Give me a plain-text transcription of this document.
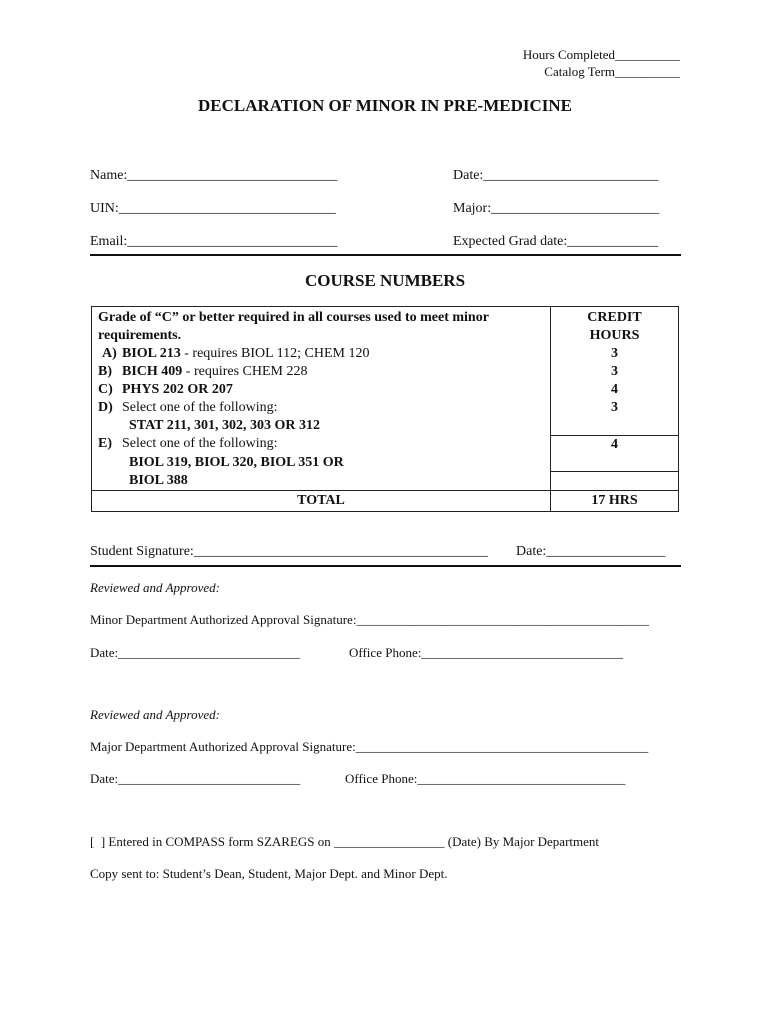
Hours Completed__________
Catalog Term__________
DECLARATION OF MINOR IN PRE-MEDICINE
Name:______________________________	Date:_________________________
UIN:_______________________________	Major:________________________
Email:______________________________	Expected Grad date:_____________
COURSE NUMBERS
Grade of “C” or better required in all courses used to meet minor
requirements.	CREDIT
HOURS
A) BIOL 213 - requires BIOL 112; CHEM 120	3
B) BICH 409 - requires CHEM 228	3
C) PHYS 202 OR 207	4
D) Select one of the following:	3
STAT 211, 301, 302, 303 OR 312	
E) Select one of the following:	4
BIOL 319, BIOL 320, BIOL 351 OR	
BIOL 388	
TOTAL	17 HRS
Student Signature:__________________________________________ Date:_________________
Reviewed and Approved:
Minor Department Authorized Approval Signature:_____________________________________________
Date:____________________________	Office Phone:_______________________________
Reviewed and Approved:
Major Department Authorized Approval Signature:_____________________________________________
Date:____________________________	Office Phone:________________________________
[  ] Entered in COMPASS form SZAREGS on _________________ (Date) By Major Department
Copy sent to: Student’s Dean, Student, Major Dept. and Minor Dept.
